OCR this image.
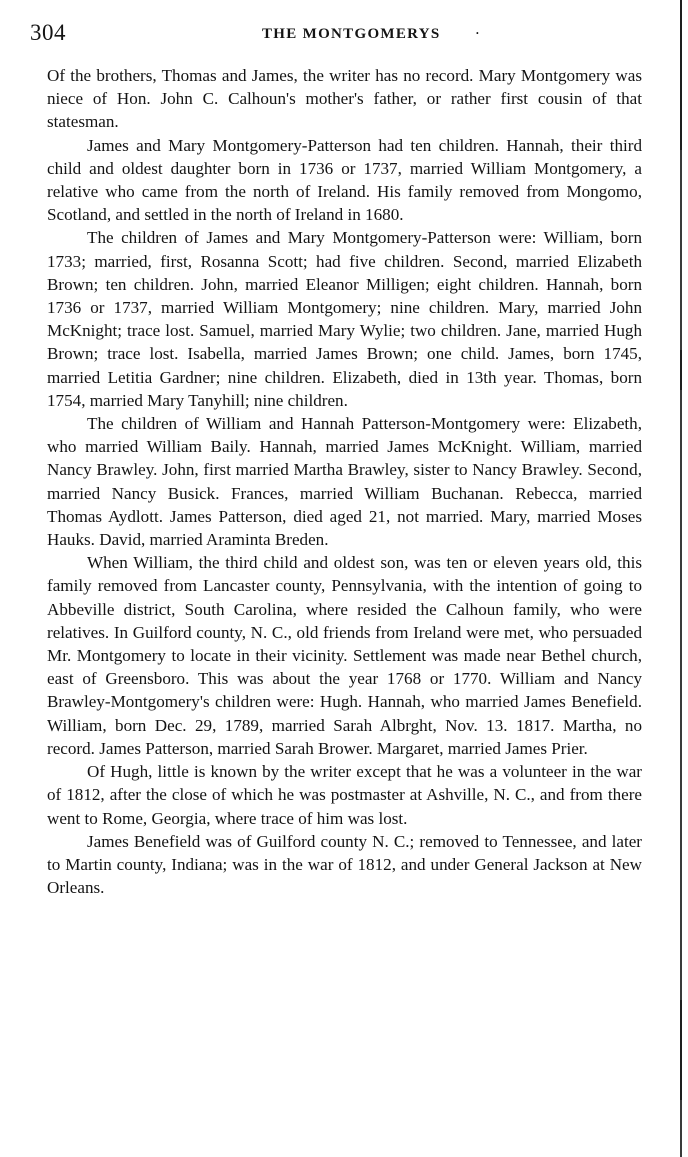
304	THE MONTGOMERYS ·

Of the brothers, Thomas and James, the writer has no record. Mary Montgomery was niece of Hon. John C. Calhoun's mother's father, or rather first cousin of that statesman.

James and Mary Montgomery-Patterson had ten children. Hannah, their third child and oldest daughter born in 1736 or 1737, married William Montgomery, a relative who came from the north of Ireland. His family removed from Mongomo, Scotland, and settled in the north of Ireland in 1680.

The children of James and Mary Montgomery-Patterson were: William, born 1733; married, first, Rosanna Scott; had five children. Second, married Elizabeth Brown; ten children. John, married Eleanor Milligen; eight children. Hannah, born 1736 or 1737, married William Montgomery; nine children. Mary, married John McKnight; trace lost. Samuel, married Mary Wylie; two children. Jane, married Hugh Brown; trace lost. Isabella, married James Brown; one child. James, born 1745, married Letitia Gardner; nine children. Elizabeth, died in 13th year. Thomas, born 1754, married Mary Tanyhill; nine children.

The children of William and Hannah Patterson-Montgomery were: Elizabeth, who married William Baily. Hannah, married James McKnight. William, married Nancy Brawley. John, first married Martha Brawley, sister to Nancy Brawley. Second, married Nancy Busick. Frances, married William Buchanan. Rebecca, married Thomas Aydlott. James Patterson, died aged 21, not married. Mary, married Moses Hauks. David, married Araminta Breden.

When William, the third child and oldest son, was ten or eleven years old, this family removed from Lancaster county, Pennsylvania, with the intention of going to Abbeville district, South Carolina, where resided the Calhoun family, who were relatives. In Guilford county, N. C., old friends from Ireland were met, who persuaded Mr. Montgomery to locate in their vicinity. Settlement was made near Bethel church, east of Greensboro. This was about the year 1768 or 1770. William and Nancy Brawley-Montgomery's children were: Hugh. Hannah, who married James Benefield. William, born Dec. 29, 1789, married Sarah Albrght, Nov. 13. 1817. Martha, no record. James Patterson, married Sarah Brower. Margaret, married James Prier.

Of Hugh, little is known by the writer except that he was a volunteer in the war of 1812, after the close of which he was postmaster at Ashville, N. C., and from there went to Rome, Georgia, where trace of him was lost.

James Benefield was of Guilford county N. C.; removed to Tennessee, and later to Martin county, Indiana; was in the war of 1812, and under General Jackson at New Orleans.
